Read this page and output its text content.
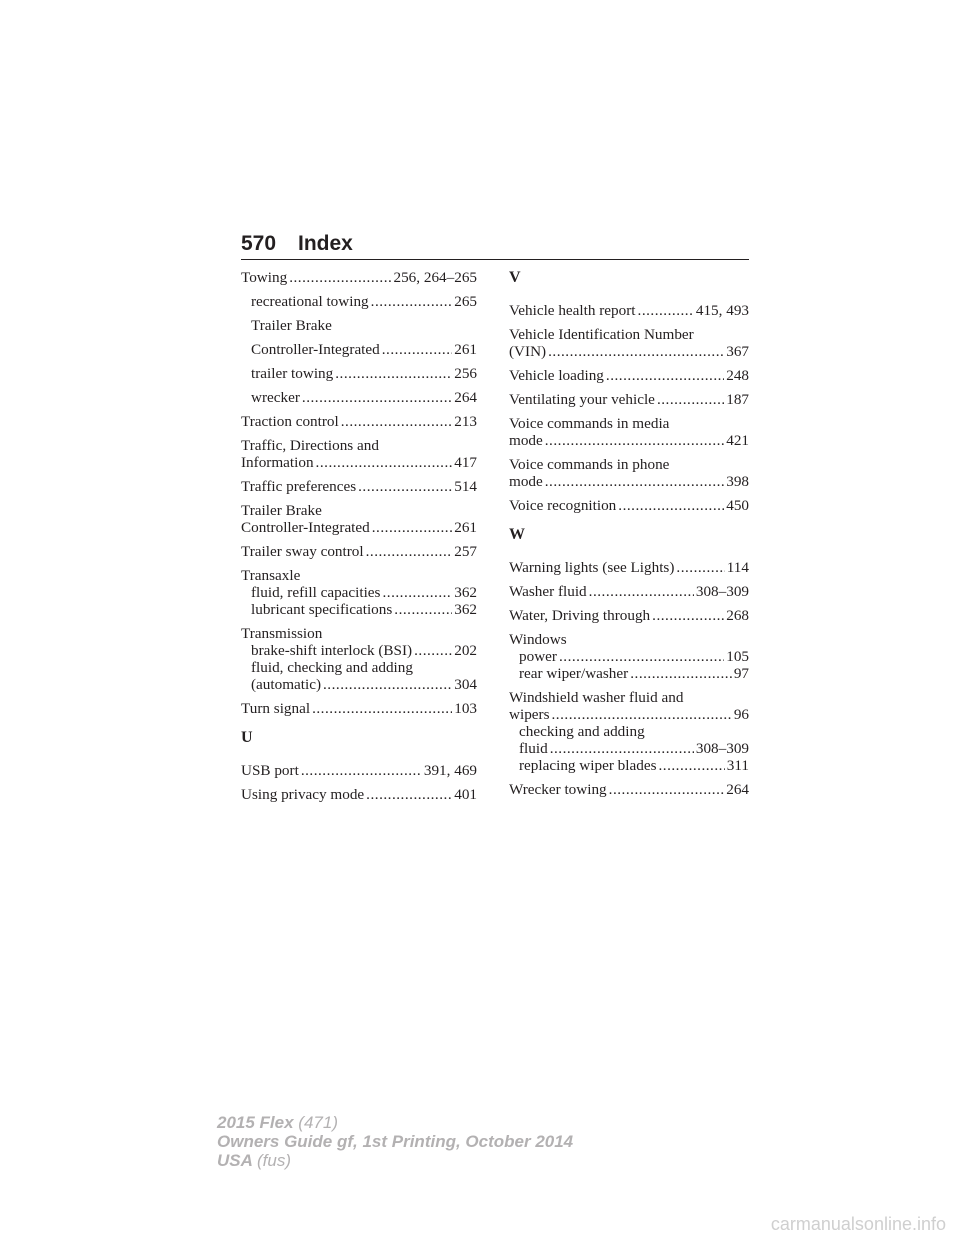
570	Index
Towing .....	256, 264–265
recreational towing .....	265
Trailer Brake
Controller-Integrated .....	261
trailer towing .....	256
wrecker .....	264
Traction control .....	213
Traffic, Directions and
Information .....	417
Traffic preferences .....	514
Trailer Brake
Controller-Integrated .....	261
Trailer sway control .....	257
Transaxle
fluid, refill capacities .....	362
lubricant specifications .....	362
Transmission
brake-shift interlock (BSI) .....	202
fluid, checking and adding
(automatic) .....	304
Turn signal .....	103
U
USB port .....	391, 469
Using privacy mode .....	401
V
Vehicle health report .....	415, 493
Vehicle Identification Number
(VIN) .....	367
Vehicle loading .....	248
Ventilating your vehicle .....	187
Voice commands in media
mode .....	421
Voice commands in phone
mode .....	398
Voice recognition .....	450
W
Warning lights (see Lights) .....	114
Washer fluid .....	308–309
Water, Driving through .....	268
Windows
power .....	105
rear wiper/washer .....	97
Windshield washer fluid and
wipers .....	96
checking and adding
fluid .....	308–309
replacing wiper blades .....	311
Wrecker towing .....	264
2015 Flex (471)
Owners Guide gf, 1st Printing, October 2014
USA (fus)
carmanualsonline.info
